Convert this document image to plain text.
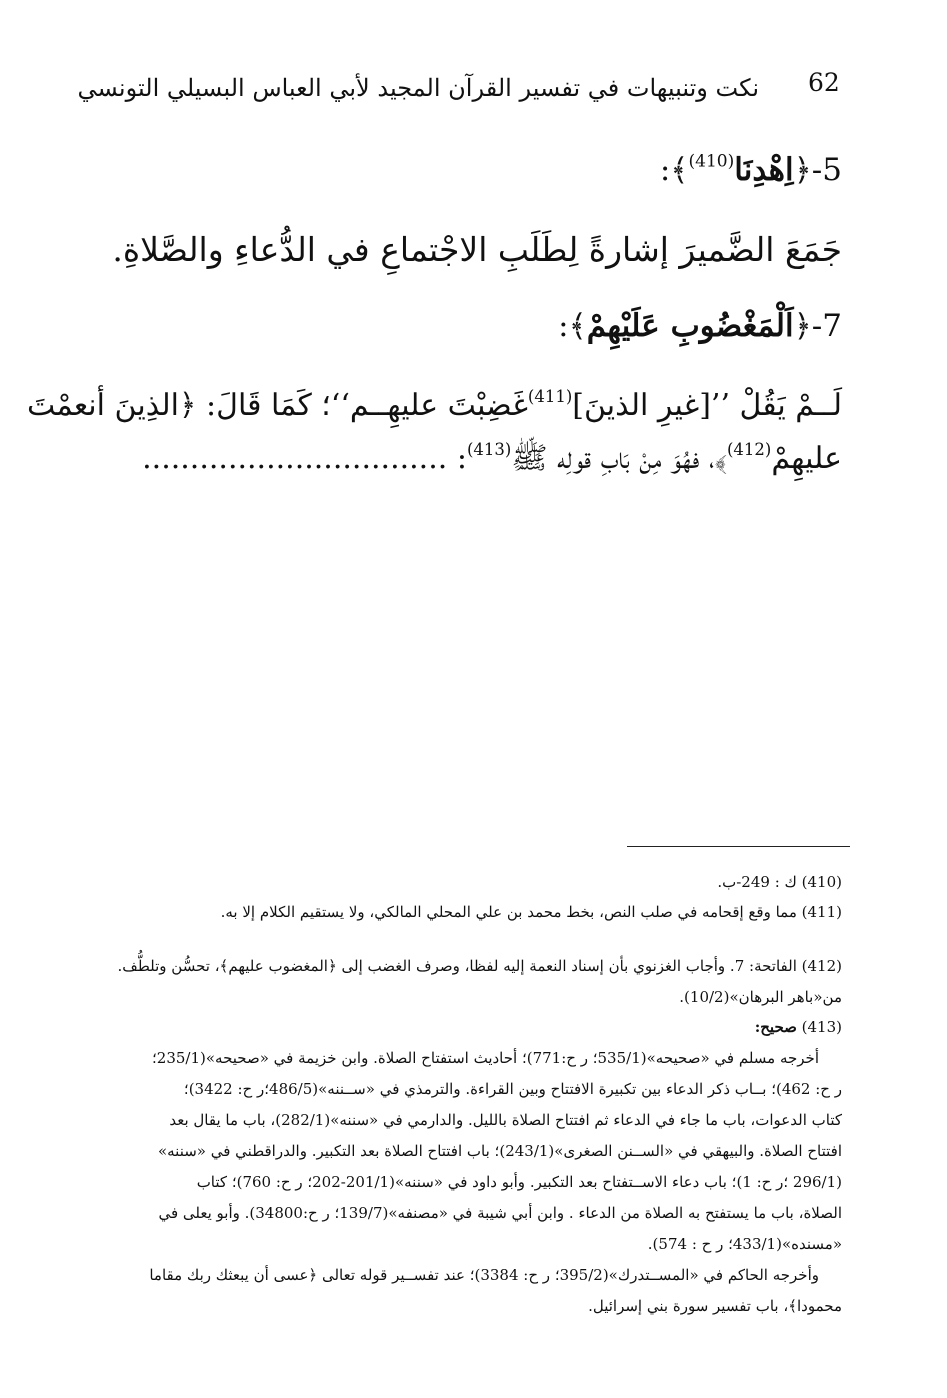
62
نكت وتنبيهات في تفسير القرآن المجيد لأبي العباس البسيلي التونسي
5-﴿اِهْدِنَا$^{(410)}$﴾:
جَمَعَ الضَّميرَ إشارةً لِطَلَبِ الاجْتماعِ في الدُّعاءِ والصَّلاةِ.
7-﴿اَلْمَغْضُوبِ عَلَيْهِمْ﴾:
لَــمْ يَقُلْ ’’[غيرِ الذينَ]$^{(411)}$غَضِبْتَ عليهِــم‘‘؛ كَمَا قَالَ: ﴿الذِينَ أنعمْتَ
عليهِمْ$^{(412)}$﴾، فهُوَ مِنْ بَابِ قولِه ﷺ$^{(413)}$: ................................
(410) ك : 249-ب.
(411) مما وقع إقحامه في صلب النص، بخط محمد بن علي المحلي المالكي، ولا يستقيم الكلام إلا به.
(412) الفاتحة: 7. وأجاب الغزنوي بأن إسناد النعمة إليه لفظا، وصرف الغضب إلى ﴿المغضوب عليهم﴾، تحسُّن وتلطُّف.
من«باهر البرهان»(10/2).
(413) صحيح:
أخرجه مسلم في «صحيحه»(535/1؛ ر ح:771)؛ أحاديث استفتاح الصلاة. وابن خزيمة في «صحيحه»(235/1؛
ر ح: 462)؛ بــاب ذكر الدعاء بين تكبيرة الافتتاح وبين القراءة. والترمذي في «ســننه»(486/5؛ر ح: 3422)؛
كتاب الدعوات، باب ما جاء في الدعاء ثم افتتاح الصلاة بالليل. والدارمي في «سننه»(282/1)، باب ما يقال بعد
افتتاح الصلاة. والبيهقي في «الســنن الصغرى»(243/1)؛ باب افتتاح الصلاة بعد التكبير. والدراقطني في «سننه»
(296/1 ؛ر ح: 1)؛ باب دعاء الاســتفتاح بعد التكبير. وأبو داود في «سننه»(201/1-202؛ ر ح: 760)؛ كتاب
الصلاة، باب ما يستفتح به الصلاة من الدعاء . وابن أبي شيبة في «مصنفه»(139/7؛ ر ح:34800). وأبو يعلى في
«مسنده»(433/1؛ ر ح : 574).
وأخرجه الحاكم في «المســتدرك»(395/2؛ ر ح: 3384)؛ عند تفســير قوله تعالى ﴿عسى أن يبعثك ربك مقاما
محمودا﴾، باب تفسير سورة بني إسرائيل.
